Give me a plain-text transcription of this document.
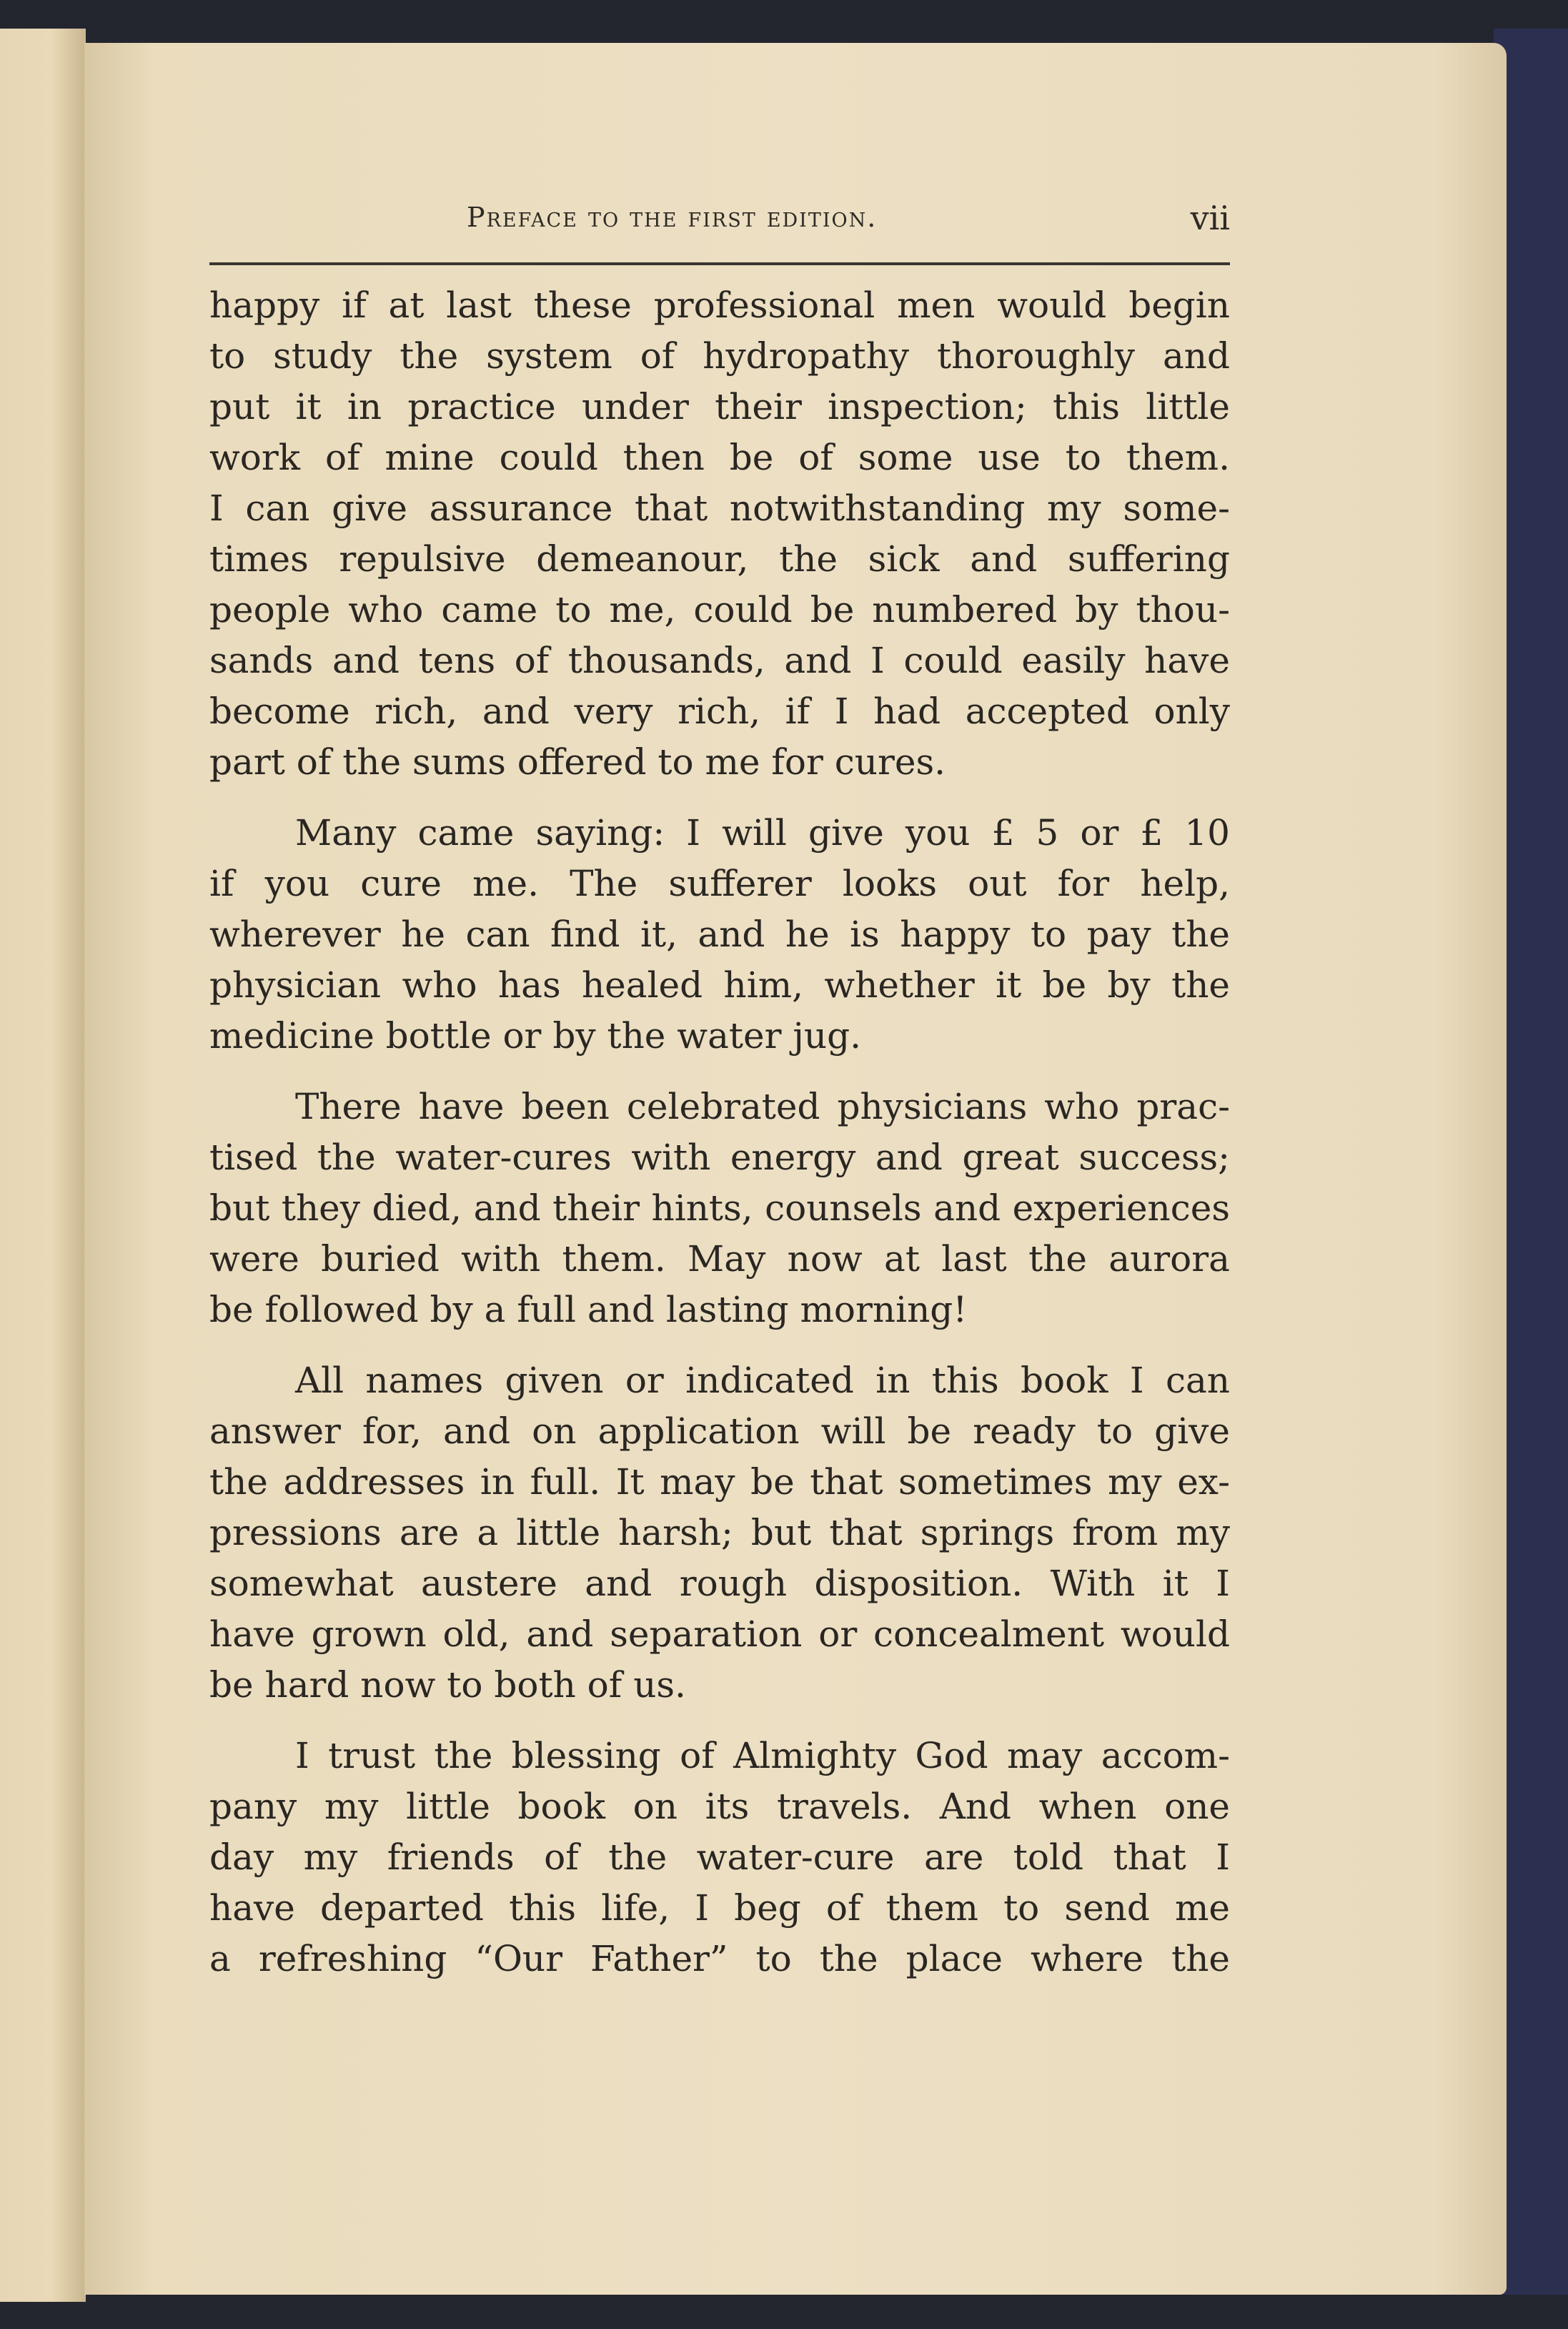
Preface to the first edition.	vii
happy if at last these professional men would begin
to study the system of hydropathy thoroughly and
put it in practice under their inspection; this little
work of mine could then be of some use to them.
I can give assurance that notwithstanding my some-
times repulsive demeanour, the sick and suffering
people who came to me, could be numbered by thou-
sands and tens of thousands, and I could easily have
become rich, and very rich, if I had accepted only
part of the sums offered to me for cures.
Many came saying: I will give you £ 5 or £ 10
if you cure me. The sufferer looks out for help,
wherever he can find it, and he is happy to pay the
physician who has healed him, whether it be by the
medicine bottle or by the water jug.
There have been celebrated physicians who prac-
tised the water-cures with energy and great success;
but they died, and their hints, counsels and experiences
were buried with them. May now at last the aurora
be followed by a full and lasting morning!
All names given or indicated in this book I can
answer for, and on application will be ready to give
the addresses in full. It may be that sometimes my ex-
pressions are a little harsh; but that springs from my
somewhat austere and rough disposition. With it I
have grown old, and separation or concealment would
be hard now to both of us.
I trust the blessing of Almighty God may accom-
pany my little book on its travels. And when one
day my friends of the water-cure are told that I
have departed this life, I beg of them to send me
a refreshing “Our Father” to the place where the
